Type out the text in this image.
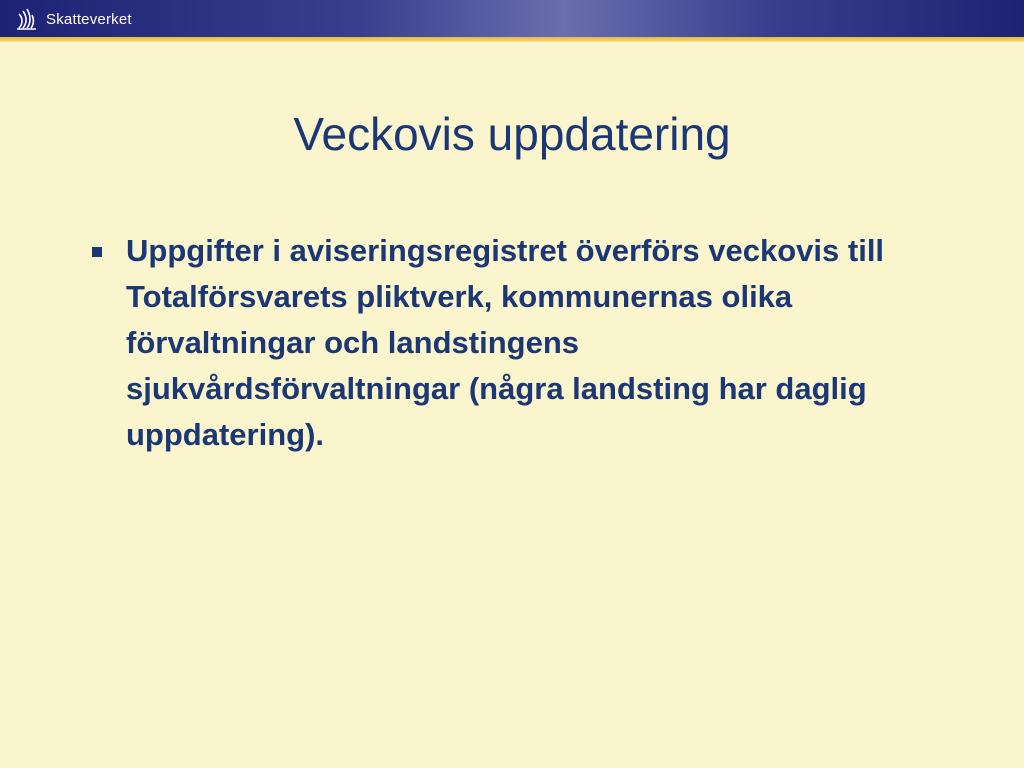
Skatteverket
Veckovis uppdatering
Uppgifter i aviseringsregistret överförs veckovis till Totalförsvarets pliktverk, kommunernas olika förvaltningar och landstingens sjukvårdsförvaltningar (några landsting har daglig uppdatering).
